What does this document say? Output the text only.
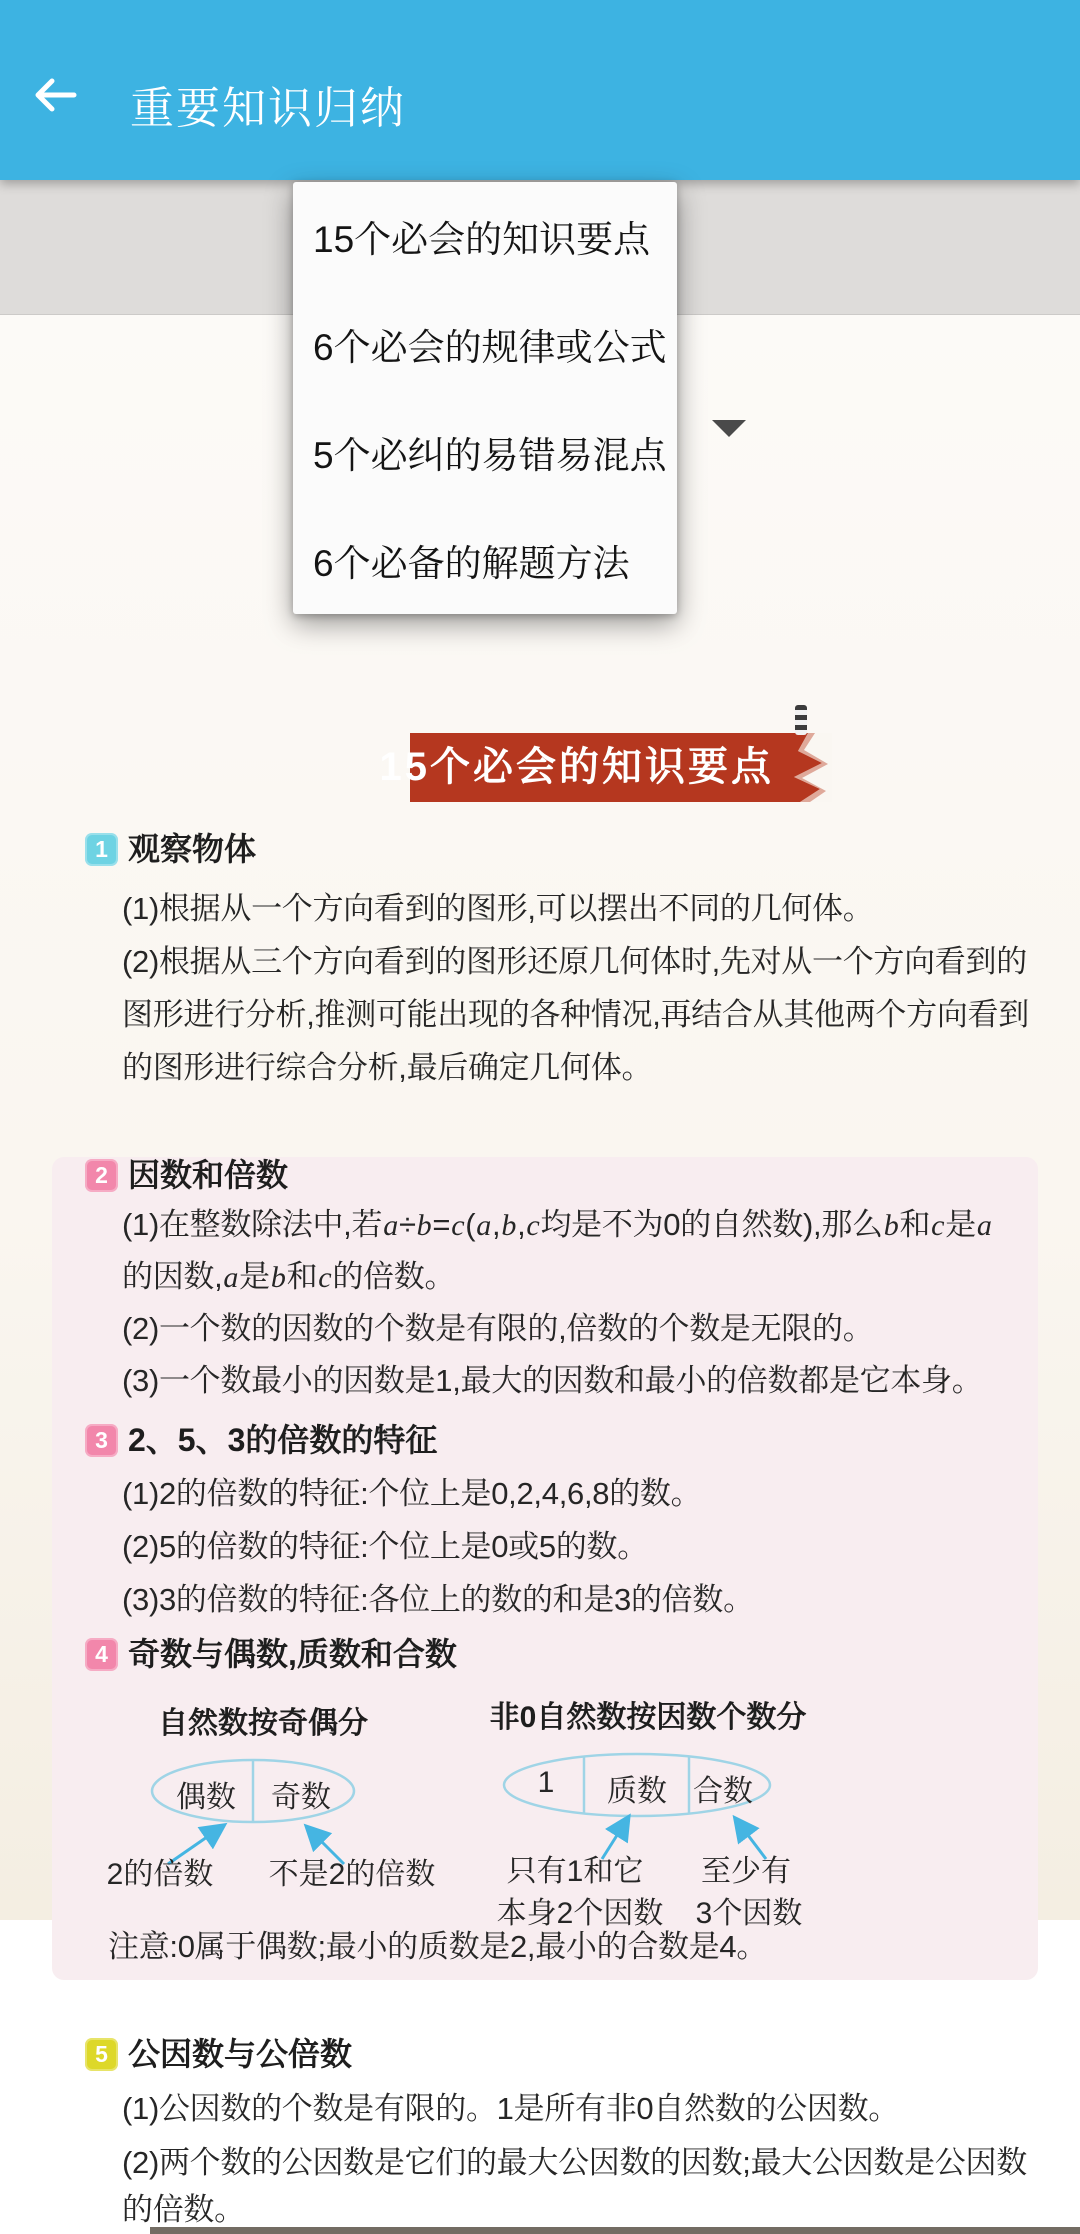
15个必会的知识要点
1 观察物体
(1)根据从一个方向看到的图形,可以摆出不同的几何体。
(2)根据从三个方向看到的图形还原几何体时,先对从一个方向看到的
图形进行分析,推测可能出现的各种情况,再结合从其他两个方向看到
的图形进行综合分析,最后确定几何体。
2 因数和倍数
(1)在整数除法中,若a÷b=c(a,b,c均是不为0的自然数),那么b和c是a
的因数,a是b和c的倍数。
(2)一个数的因数的个数是有限的,倍数的个数是无限的。
(3)一个数最小的因数是1,最大的因数和最小的倍数都是它本身。
3 2、5、3的倍数的特征
(1)2的倍数的特征:个位上是0,2,4,6,8的数。
(2)5的倍数的特征:个位上是0或5的数。
(3)3的倍数的特征:各位上的数的和是3的倍数。
4 奇数与偶数,质数和合数
自然数按奇偶分	非0自然数按因数个数分
偶数 奇数	1 质数 合数
2的倍数 不是2的倍数 只有1和它
本身2个因数
至少有
3个因数
注意:0属于偶数;最小的质数是2,最小的合数是4。
5 公因数与公倍数
(1)公因数的个数是有限的。1是所有非0自然数的公因数。
(2)两个数的公因数是它们的最大公因数的因数;最大公因数是公因数
的倍数。
重要知识归纳
15个必会的知识要点
6个必会的规律或公式
5个必纠的易错易混点
6个必备的解题方法
